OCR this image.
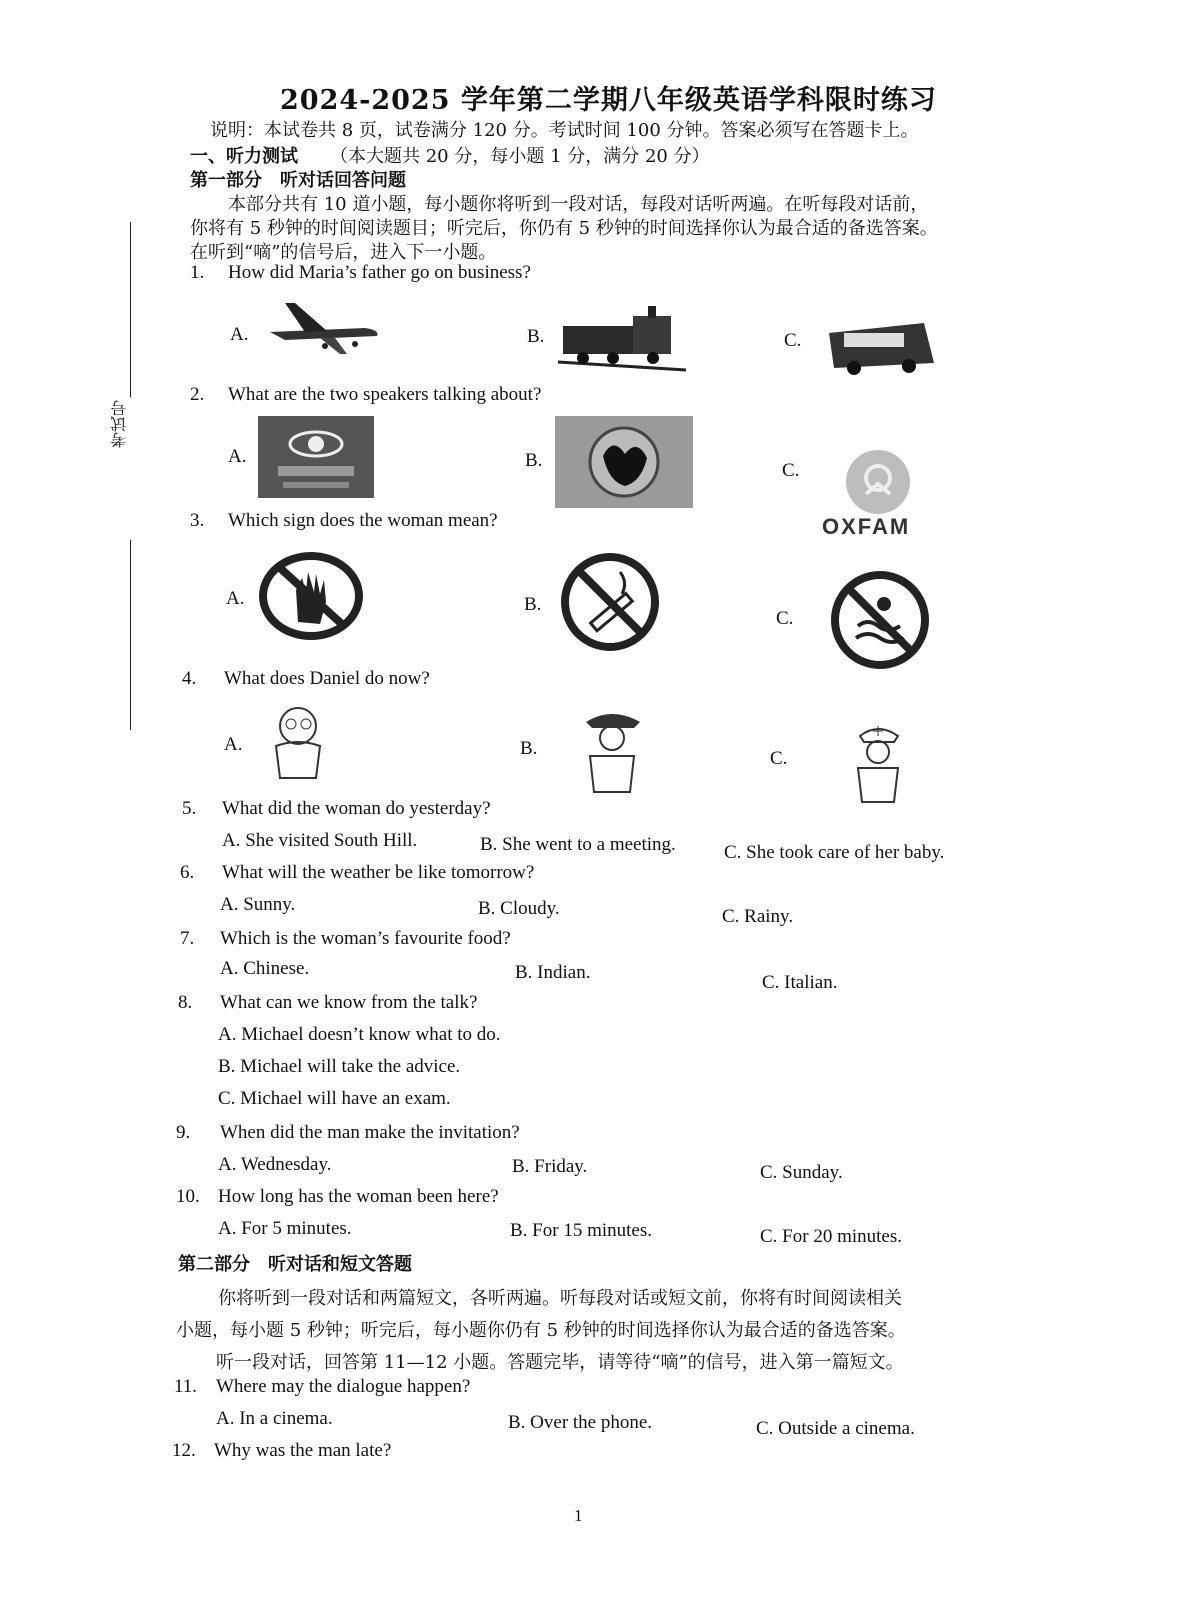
2024-2025 学年第二学期八年级英语学科限时练习
说明：本试卷共 8 页，试卷满分 120 分。考试时间 100 分钟。答案必须写在答题卡上。
考试号
一、听力测试 （本大题共 20 分，每小题 1 分，满分 20 分）
第一部分　听对话回答问题
本部分共有 10 道小题，每小题你将听到一段对话，每段对话听两遍。在听每段对话前，
你将有 5 秒钟的时间阅读题目；听完后，你仍有 5 秒钟的时间选择你认为最合适的备选答案。
在听到“嘀”的信号后，进入下一小题。
1. How did Maria’s father go on business?
A.	B.	C.
2. What are the two speakers talking about?
A.	B.	C.
OXFAM
3. Which sign does the woman mean?
A.	B.
C.
4. What does Daniel do now?
A.	B.	C.
5. What did the woman do yesterday?
A. She visited South Hill.	B. She went to a meeting.	C. She took care of her baby.
6. What will the weather be like tomorrow?
A. Sunny.	B. Cloudy.	C. Rainy.
7. Which is the woman’s favourite food?
A. Chinese.	B. Indian.	C. Italian.
8. What can we know from the talk?
A. Michael doesn’t know what to do.
B. Michael will take the advice.
C. Michael will have an exam.
9. When did the man make the invitation?
A. Wednesday.	B. Friday.	C. Sunday.
10. How long has the woman been here?
A. For 5 minutes.	B. For 15 minutes.	C. For 20 minutes.
第二部分　听对话和短文答题
你将听到一段对话和两篇短文，各听两遍。听每段对话或短文前，你将有时间阅读相关
小题，每小题 5 秒钟；听完后，每小题你仍有 5 秒钟的时间选择你认为最合适的备选答案。
听一段对话，回答第 11—12 小题。答题完毕，请等待“嘀”的信号，进入第一篇短文。
11. Where may the dialogue happen?
A. In a cinema.	B. Over the phone.	C. Outside a cinema.
12. Why was the man late?
1
